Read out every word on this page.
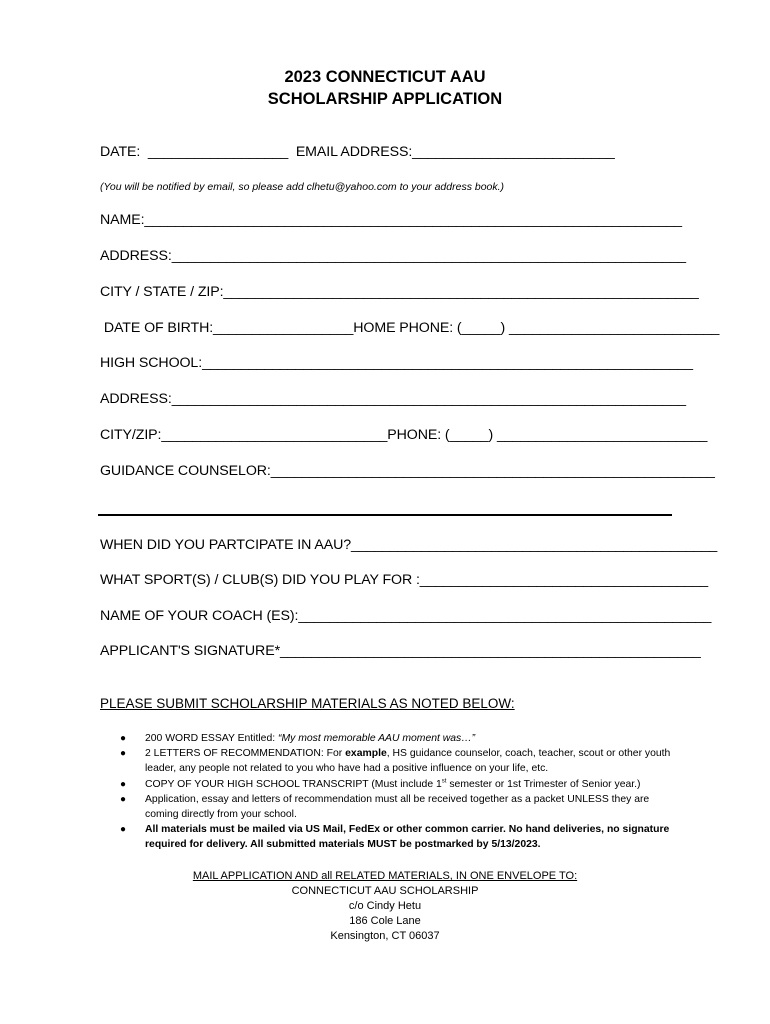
2023 CONNECTICUT AAU
SCHOLARSHIP APPLICATION
DATE:  __________________  EMAIL ADDRESS:__________________________
(You will be notified by email, so please add clhetu@yahoo.com to your address book.)
NAME:_____________________________________________________________________
ADDRESS:__________________________________________________________________
CITY / STATE / ZIP:_____________________________________________________________
DATE OF BIRTH:__________________HOME PHONE: (_____) ___________________________
HIGH SCHOOL:_______________________________________________________________
ADDRESS:__________________________________________________________________
CITY/ZIP:_____________________________PHONE: (_____) ___________________________
GUIDANCE COUNSELOR:_________________________________________________________
WHEN DID YOU PARTCIPATE IN AAU?_______________________________________________
WHAT SPORT(S) / CLUB(S) DID YOU PLAY FOR :_____________________________________
NAME OF YOUR COACH (ES):_____________________________________________________
APPLICANT'S SIGNATURE*______________________________________________________
PLEASE SUBMIT SCHOLARSHIP MATERIALS AS NOTED BELOW:
● 200 WORD ESSAY Entitled: “My most memorable AAU moment was…”
● 2 LETTERS OF RECOMMENDATION: For example, HS guidance counselor, coach, teacher, scout or other youth leader, any people not related to you who have had a positive influence on your life, etc.
● COPY OF YOUR HIGH SCHOOL TRANSCRIPT (Must include 1st semester or 1st Trimester of Senior year.)
● Application, essay and letters of recommendation must all be received together as a packet UNLESS they are coming directly from your school.
● All materials must be mailed via US Mail, FedEx or other common carrier. No hand deliveries, no signature required for delivery. All submitted materials MUST be postmarked by 5/13/2023.
MAIL APPLICATION AND all RELATED MATERIALS, IN ONE ENVELOPE TO:
CONNECTICUT AAU SCHOLARSHIP
c/o Cindy Hetu
186 Cole Lane
Kensington, CT 06037
